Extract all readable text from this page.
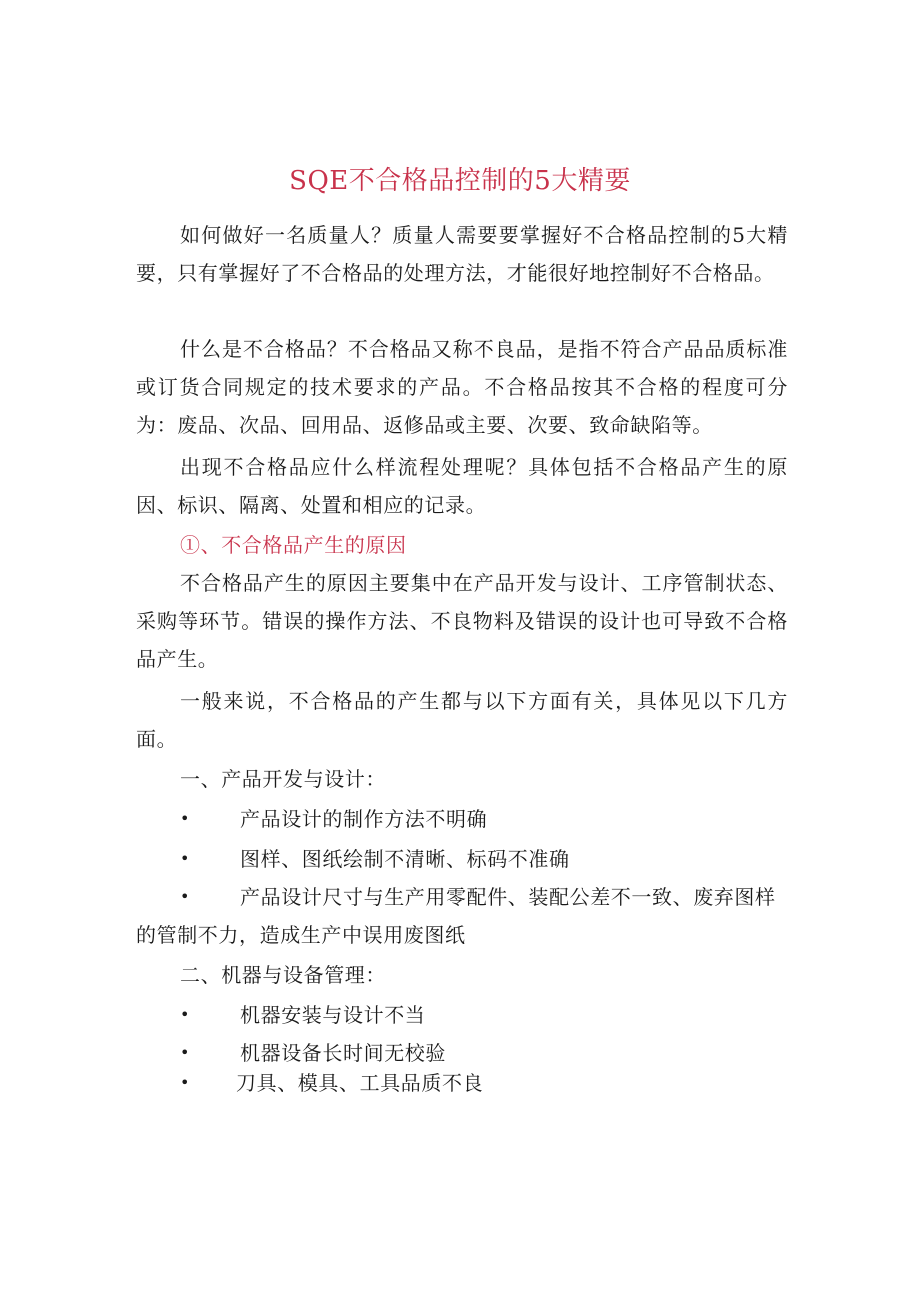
SQE不合格品控制的5大精要
如何做好一名质量人？质量人需要要掌握好不合格品控制的5大精要，只有掌握好了不合格品的处理方法，才能很好地控制好不合格品。
什么是不合格品？不合格品又称不良品，是指不符合产品品质标准或订货合同规定的技术要求的产品。不合格品按其不合格的程度可分为：废品、次品、回用品、返修品或主要、次要、致命缺陷等。
出现不合格品应什么样流程处理呢？具体包括不合格品产生的原因、标识、隔离、处置和相应的记录。
①、不合格品产生的原因
不合格品产生的原因主要集中在产品开发与设计、工序管制状态、采购等环节。错误的操作方法、不良物料及错误的设计也可导致不合格品产生。
一般来说，不合格品的产生都与以下方面有关，具体见以下几方面。
一、产品开发与设计：
•	产品设计的制作方法不明确
•	图样、图纸绘制不清晰、标码不准确
•	产品设计尺寸与生产用零配件、装配公差不一致、废弃图样的管制不力，造成生产中误用废图纸
二、机器与设备管理：
•	机器安装与设计不当
•	机器设备长时间无校验
•	刀具、模具、工具品质不良
